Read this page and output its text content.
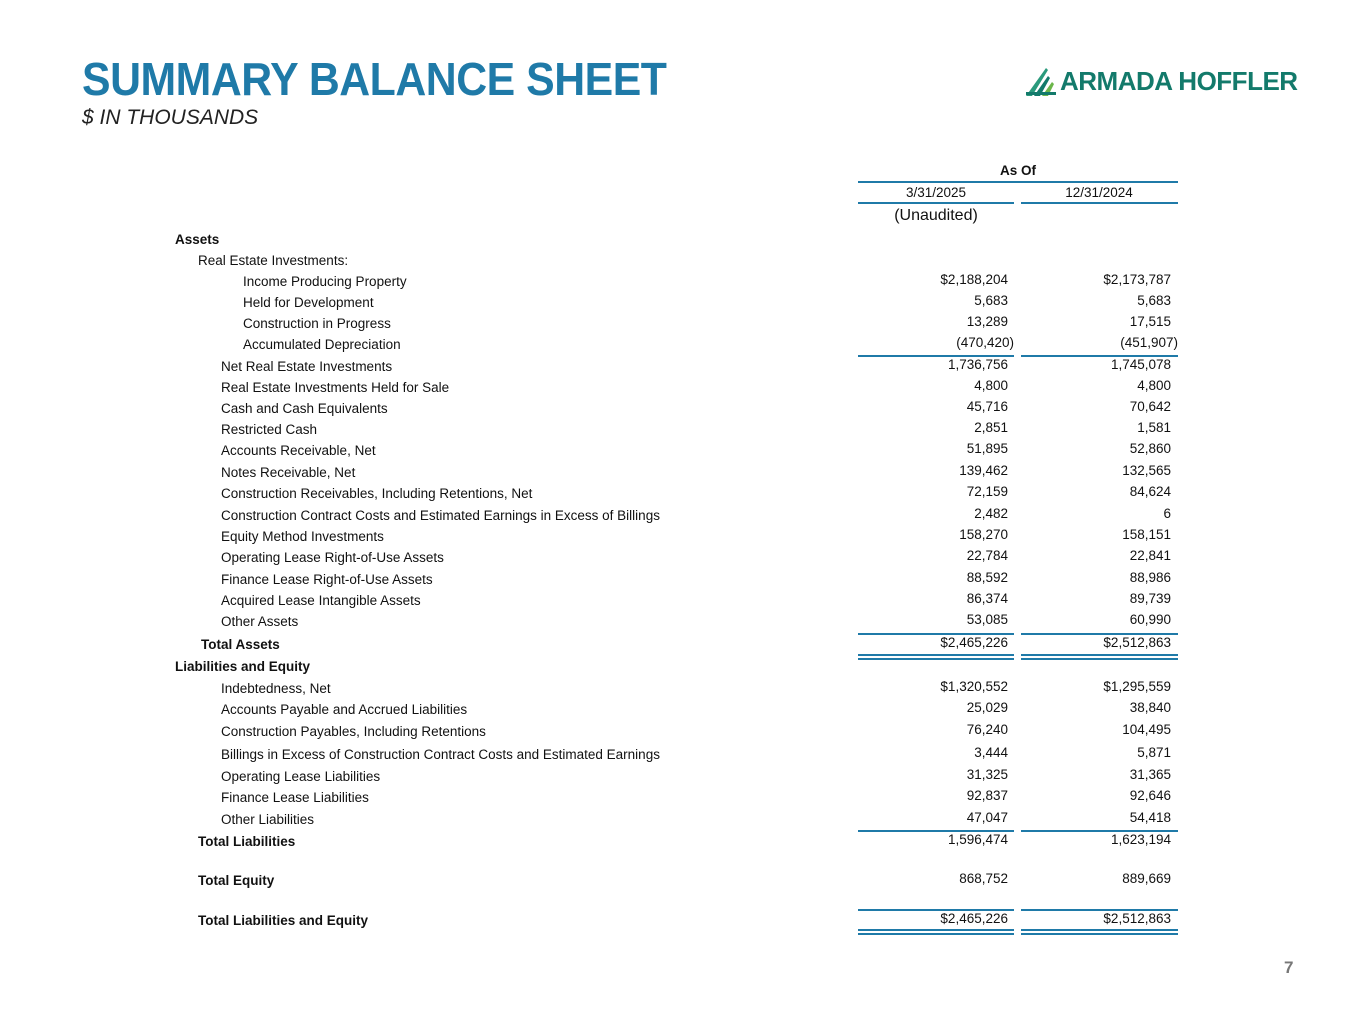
SUMMARY BALANCE SHEET
$ IN THOUSANDS
ARMADA HOFFLER
As Of
3/31/2025	12/31/2024
(Unaudited)
Assets
Real Estate Investments:
Income Producing Property	$2,188,204	$2,173,787
Held for Development	5,683	5,683
Construction in Progress	13,289	17,515
Accumulated Depreciation	(470,420)	(451,907)
Net Real Estate Investments	1,736,756	1,745,078
Real Estate Investments Held for Sale	4,800	4,800
Cash and Cash Equivalents	45,716	70,642
Restricted Cash	2,851	1,581
Accounts Receivable, Net	51,895	52,860
Notes Receivable, Net	139,462	132,565
Construction Receivables, Including Retentions, Net	72,159	84,624
Construction Contract Costs and Estimated Earnings in Excess of Billings	2,482	6
Equity Method Investments	158,270	158,151
Operating Lease Right-of-Use Assets	22,784	22,841
Finance Lease Right-of-Use Assets	88,592	88,986
Acquired Lease Intangible Assets	86,374	89,739
Other Assets	53,085	60,990
Total Assets	$2,465,226	$2,512,863
Liabilities and Equity
Indebtedness, Net	$1,320,552	$1,295,559
Accounts Payable and Accrued Liabilities	25,029	38,840
Construction Payables, Including Retentions	76,240	104,495
Billings in Excess of Construction Contract Costs and Estimated Earnings	3,444	5,871
Operating Lease Liabilities	31,325	31,365
Finance Lease Liabilities	92,837	92,646
Other Liabilities	47,047	54,418
Total Liabilities	1,596,474	1,623,194
Total Equity	868,752	889,669
Total Liabilities and Equity	$2,465,226	$2,512,863
7
